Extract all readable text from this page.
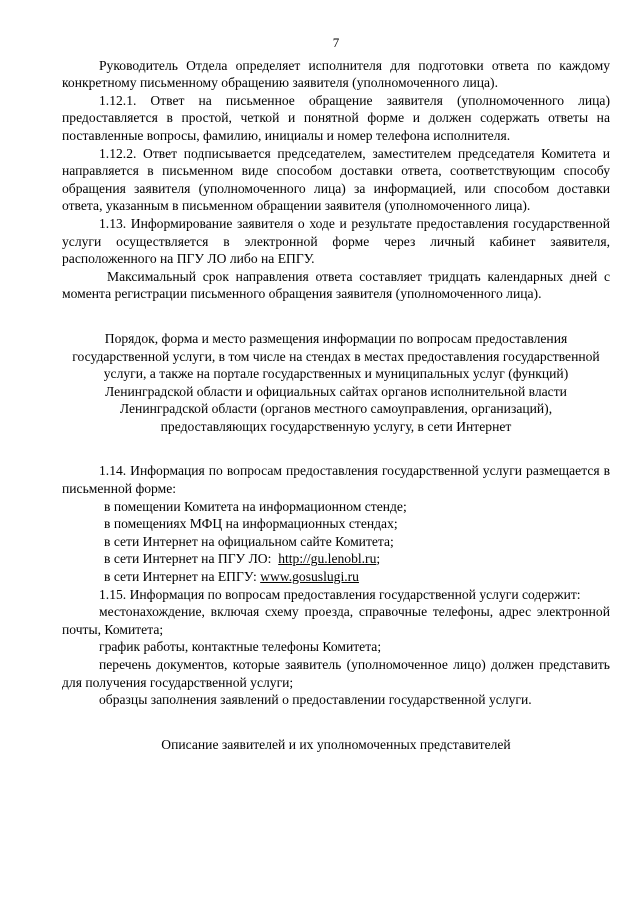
7

Руководитель Отдела определяет исполнителя для подготовки ответа по каждому конкретному письменному обращению заявителя (уполномоченного лица).

1.12.1. Ответ на письменное обращение заявителя (уполномоченного лица) предоставляется в простой, четкой и понятной форме и должен содержать ответы на поставленные вопросы, фамилию, инициалы и номер телефона исполнителя.

1.12.2. Ответ подписывается председателем, заместителем председателя Комитета и направляется в письменном виде способом доставки ответа, соответствующим способу обращения заявителя (уполномоченного лица) за информацией, или способом доставки ответа, указанным в письменном обращении заявителя (уполномоченного лица).

1.13. Информирование заявителя о ходе и результате предоставления государственной услуги осуществляется в электронной форме через личный кабинет заявителя, расположенного на ПГУ ЛО либо на ЕПГУ.

Максимальный срок направления ответа составляет тридцать календарных дней с момента регистрации письменного обращения заявителя (уполномоченного лица).

Порядок, форма и место размещения информации по вопросам предоставления государственной услуги, в том числе на стендах в местах предоставления государственной услуги, а также на портале государственных и муниципальных услуг (функций) Ленинградской области и официальных сайтах органов исполнительной власти Ленинградской области (органов местного самоуправления, организаций), предоставляющих государственную услугу, в сети Интернет

1.14. Информация по вопросам предоставления государственной услуги размещается в письменной форме:

в помещении Комитета на информационном стенде;

в помещениях МФЦ на информационных стендах;

в сети Интернет на официальном сайте Комитета;

в сети Интернет на ПГУ ЛО: http://gu.lenobl.ru;

в сети Интернет на ЕПГУ: www.gosuslugi.ru

1.15. Информация по вопросам предоставления государственной услуги содержит:

местонахождение, включая схему проезда, справочные телефоны, адрес электронной почты, Комитета;

график работы, контактные телефоны Комитета;

перечень документов, которые заявитель (уполномоченное лицо) должен представить для получения государственной услуги;

образцы заполнения заявлений о предоставлении государственной услуги.

Описание заявителей и их уполномоченных представителей
